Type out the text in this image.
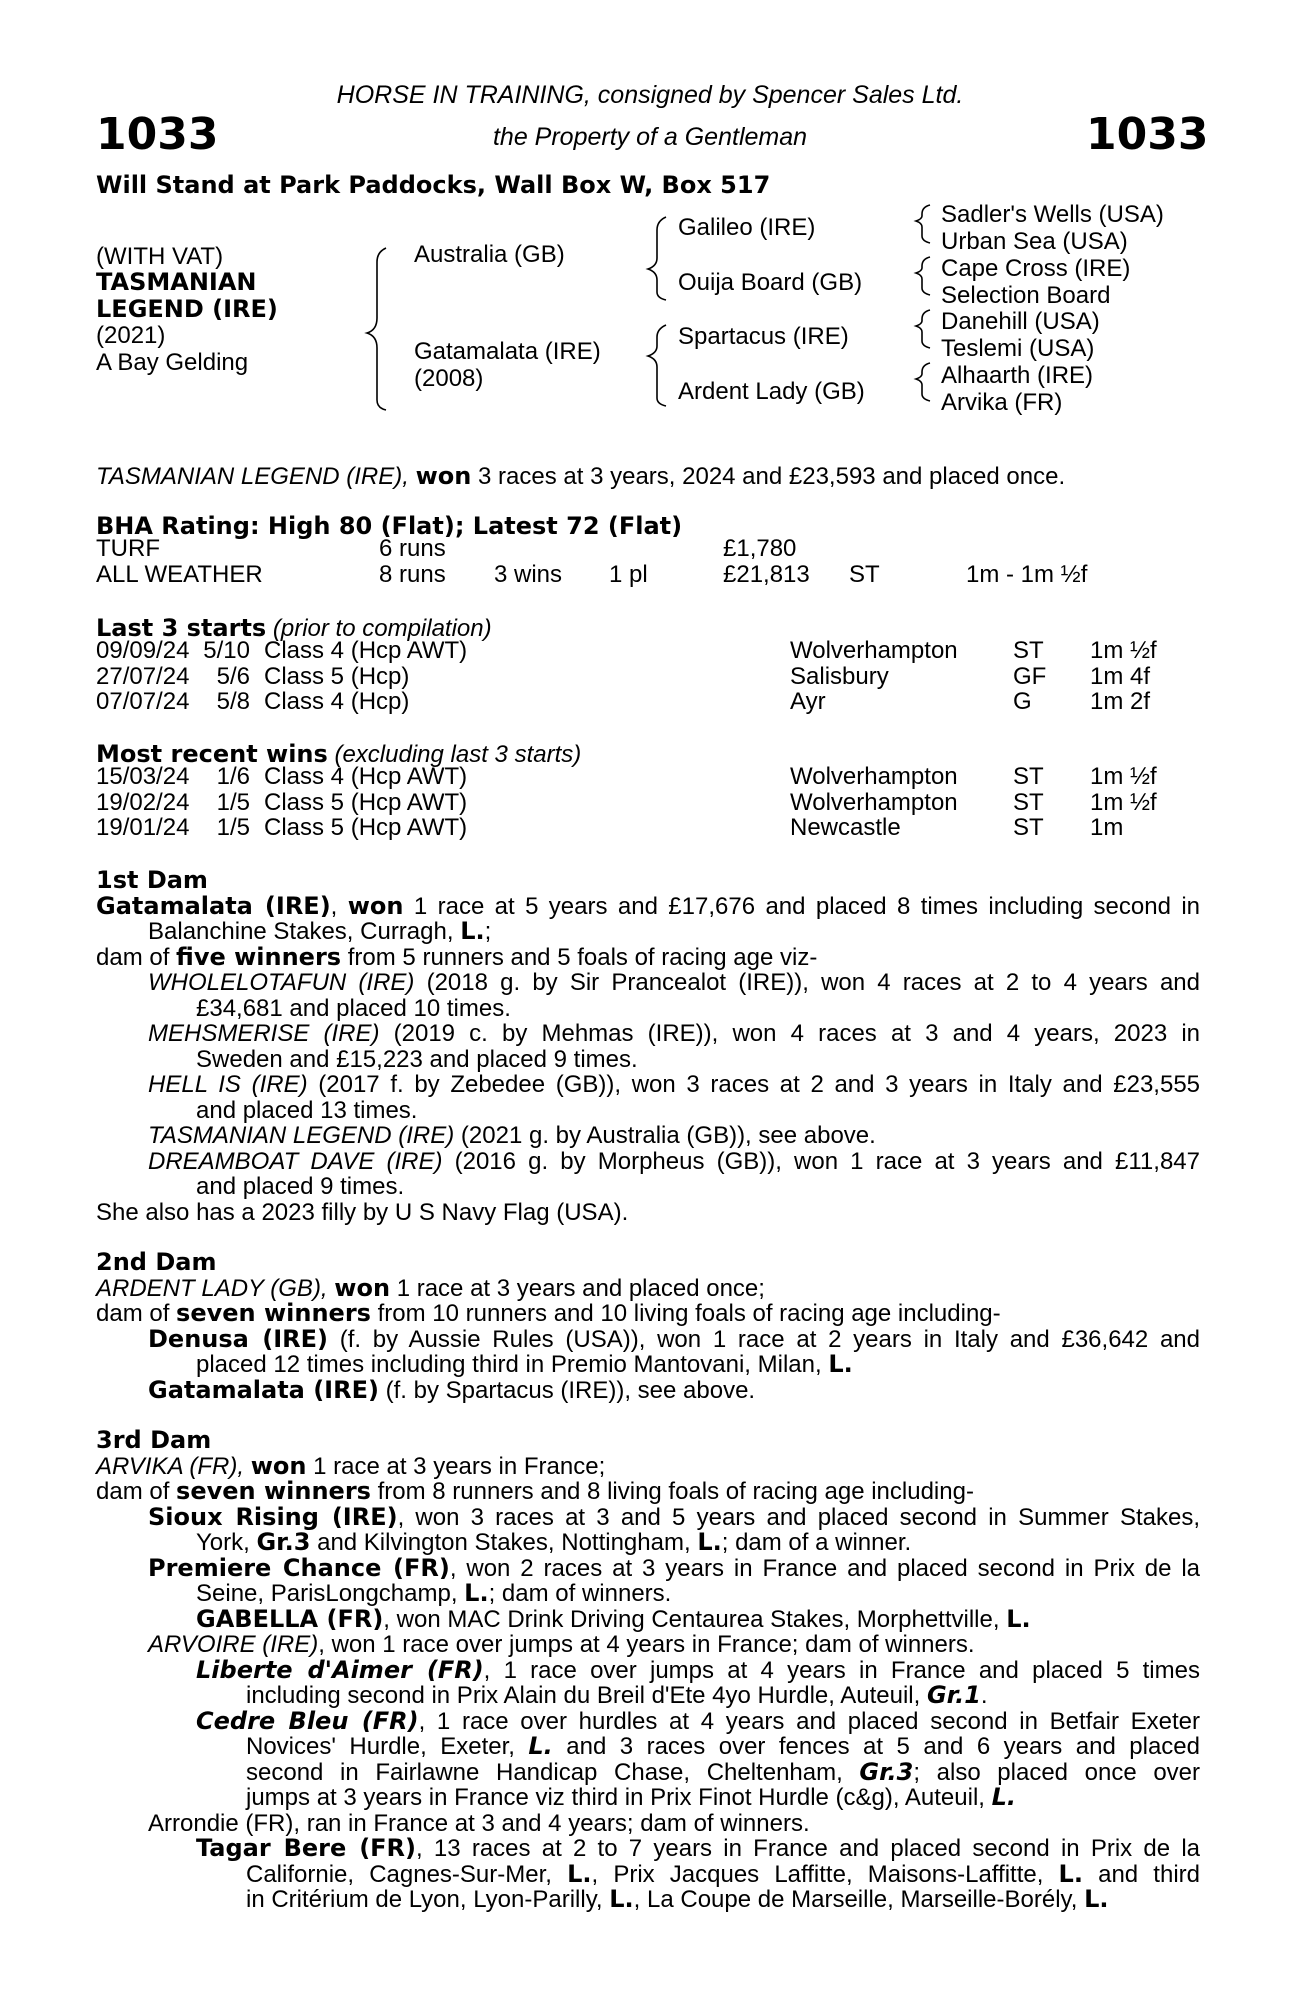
1033	1033
HORSE IN TRAINING, consigned by Spencer Sales Ltd.
the Property of a Gentleman
Will Stand at Park Paddocks, Wall Box W, Box 517
(WITH VAT)
TASMANIAN
LEGEND (IRE)
(2021)
A Bay Gelding
Australia (GB)
Gatamalata (IRE)
(2008)
Galileo (IRE)
Ouija Board (GB)
Spartacus (IRE)
Ardent Lady (GB)
Sadler's Wells (USA)
Urban Sea (USA)
Cape Cross (IRE)
Selection Board
Danehill (USA)
Teslemi (USA)
Alhaarth (IRE)
Arvika (FR)
TASMANIAN LEGEND (IRE), won 3 races at 3 years, 2024 and £23,593 and placed once.
BHA Rating: High 80 (Flat); Latest 72 (Flat)
TURF	6 runs			£1,780		
ALL WEATHER	8 runs	3 wins	1 pl	£21,813	ST	1m - 1m ½f
Last 3 starts (prior to compilation)
09/09/24	5/10	Class 4 (Hcp AWT)	Wolverhampton	ST	1m ½f
27/07/24	5/6	Class 5 (Hcp)	Salisbury	GF	1m 4f
07/07/24	5/8	Class 4 (Hcp)	Ayr	G	1m 2f
Most recent wins (excluding last 3 starts)
15/03/24	1/6	Class 4 (Hcp AWT)	Wolverhampton	ST	1m ½f
19/02/24	1/5	Class 5 (Hcp AWT)	Wolverhampton	ST	1m ½f
19/01/24	1/5	Class 5 (Hcp AWT)	Newcastle	ST	1m
1st Dam
Gatamalata (IRE), won 1 race at 5 years and £17,676 and placed 8 times including second in
Balanchine Stakes, Curragh, L.;
dam of five winners from 5 runners and 5 foals of racing age viz-
WHOLELOTAFUN (IRE) (2018 g. by Sir Prancealot (IRE)), won 4 races at 2 to 4 years and
£34,681 and placed 10 times.
MEHSMERISE (IRE) (2019 c. by Mehmas (IRE)), won 4 races at 3 and 4 years, 2023 in
Sweden and £15,223 and placed 9 times.
HELL IS (IRE) (2017 f. by Zebedee (GB)), won 3 races at 2 and 3 years in Italy and £23,555
and placed 13 times.
TASMANIAN LEGEND (IRE) (2021 g. by Australia (GB)), see above.
DREAMBOAT DAVE (IRE) (2016 g. by Morpheus (GB)), won 1 race at 3 years and £11,847
and placed 9 times.
She also has a 2023 filly by U S Navy Flag (USA).
2nd Dam
ARDENT LADY (GB), won 1 race at 3 years and placed once;
dam of seven winners from 10 runners and 10 living foals of racing age including-
Denusa (IRE) (f. by Aussie Rules (USA)), won 1 race at 2 years in Italy and £36,642 and
placed 12 times including third in Premio Mantovani, Milan, L.
Gatamalata (IRE) (f. by Spartacus (IRE)), see above.
3rd Dam
ARVIKA (FR), won 1 race at 3 years in France;
dam of seven winners from 8 runners and 8 living foals of racing age including-
Sioux Rising (IRE), won 3 races at 3 and 5 years and placed second in Summer Stakes,
York, Gr.3 and Kilvington Stakes, Nottingham, L.; dam of a winner.
Premiere Chance (FR), won 2 races at 3 years in France and placed second in Prix de la
Seine, ParisLongchamp, L.; dam of winners.
GABELLA (FR), won MAC Drink Driving Centaurea Stakes, Morphettville, L.
ARVOIRE (IRE), won 1 race over jumps at 4 years in France; dam of winners.
Liberte d'Aimer (FR), 1 race over jumps at 4 years in France and placed 5 times
including second in Prix Alain du Breil d'Ete 4yo Hurdle, Auteuil, Gr.1.
Cedre Bleu (FR), 1 race over hurdles at 4 years and placed second in Betfair Exeter
Novices' Hurdle, Exeter, L. and 3 races over fences at 5 and 6 years and placed
second in Fairlawne Handicap Chase, Cheltenham, Gr.3; also placed once over
jumps at 3 years in France viz third in Prix Finot Hurdle (c&g), Auteuil, L.
Arrondie (FR), ran in France at 3 and 4 years; dam of winners.
Tagar Bere (FR), 13 races at 2 to 7 years in France and placed second in Prix de la
Californie, Cagnes-Sur-Mer, L., Prix Jacques Laffitte, Maisons-Laffitte, L. and third
in Critérium de Lyon, Lyon-Parilly, L., La Coupe de Marseille, Marseille-Borély, L.
